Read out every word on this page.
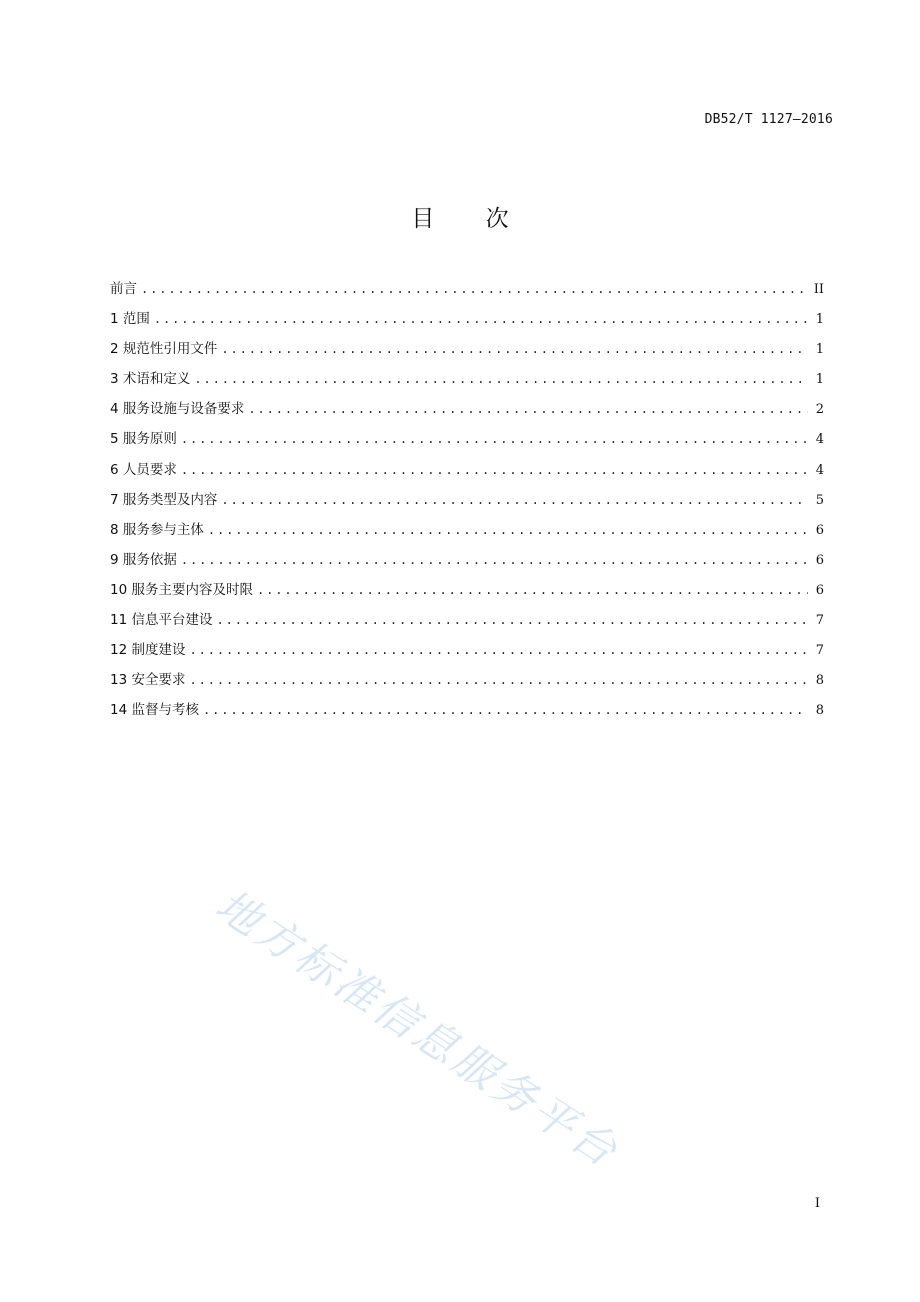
DB52/T 1127—2016
目 次
前言 .....	II
1 范围 .....	1
2 规范性引用文件 .....	1
3 术语和定义 .....	1
4 服务设施与设备要求 .....	2
5 服务原则 .....	4
6 人员要求 .....	4
7 服务类型及内容 .....	5
8 服务参与主体 .....	6
9 服务依据 .....	6
10 服务主要内容及时限 .....	6
11 信息平台建设 .....	7
12 制度建设 .....	7
13 安全要求 .....	8
14 监督与考核 .....	8
地方标准信息服务平台
I
